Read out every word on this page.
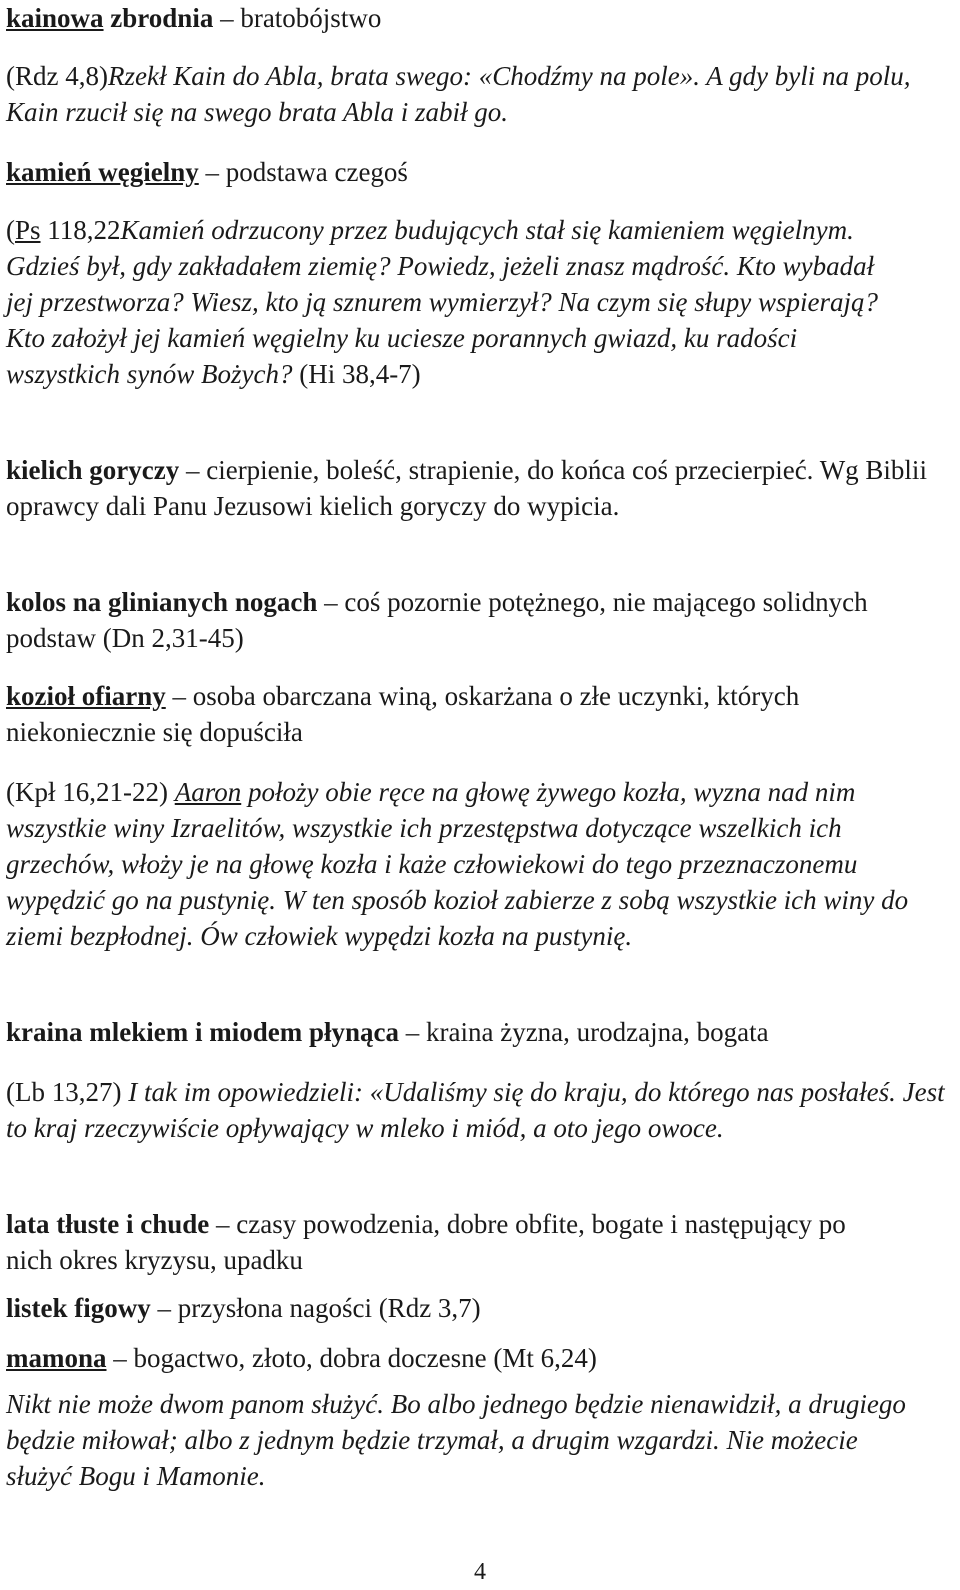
kainowa zbrodnia – bratobójstwo

(Rdz 4,8)Rzekł Kain do Abla, brata swego: «Chodźmy na pole». A gdy byli na polu, Kain rzucił się na swego brata Abla i zabił go.

kamień węgielny – podstawa czegoś

(Ps 118,22Kamień odrzucony przez budujących stał się kamieniem węgielnym. Gdzieś był, gdy zakładałem ziemię? Powiedz, jeżeli znasz mądrość. Kto wybadał jej przestworza? Wiesz, kto ją sznurem wymierzył? Na czym się słupy wspierają? Kto założył jej kamień węgielny ku uciesze porannych gwiazd, ku radości wszystkich synów Bożych? (Hi 38,4-7)

kielich goryczy – cierpienie, boleść, strapienie, do końca coś przecierpieć. Wg Biblii oprawcy dali Panu Jezusowi kielich goryczy do wypicia.

kolos na glinianych nogach – coś pozornie potężnego, nie mającego solidnych podstaw (Dn 2,31-45)

kozioł ofiarny – osoba obarczana winą, oskarżana o złe uczynki, których niekoniecznie się dopuściła

(Kpł 16,21-22) Aaron położy obie ręce na głowę żywego kozła, wyzna nad nim wszystkie winy Izraelitów, wszystkie ich przestępstwa dotyczące wszelkich ich grzechów, włoży je na głowę kozła i każe człowiekowi do tego przeznaczonemu wypędzić go na pustynię. W ten sposób kozioł zabierze z sobą wszystkie ich winy do ziemi bezpłodnej. Ów człowiek wypędzi kozła na pustynię.

kraina mlekiem i miodem płynąca – kraina żyzna, urodzajna, bogata

(Lb 13,27) I tak im opowiedzieli: «Udaliśmy się do kraju, do którego nas posłałeś. Jest to kraj rzeczywiście opływający w mleko i miód, a oto jego owoce.

lata tłuste i chude – czasy powodzenia, dobre obfite, bogate i następujący po nich okres kryzysu, upadku

listek figowy – przysłona nagości (Rdz 3,7)

mamona – bogactwo, złoto, dobra doczesne (Mt 6,24)

Nikt nie może dwom panom służyć. Bo albo jednego będzie nienawidził, a drugiego będzie miłował; albo z jednym będzie trzymał, a drugim wzgardzi. Nie możecie służyć Bogu i Mamonie.

4
